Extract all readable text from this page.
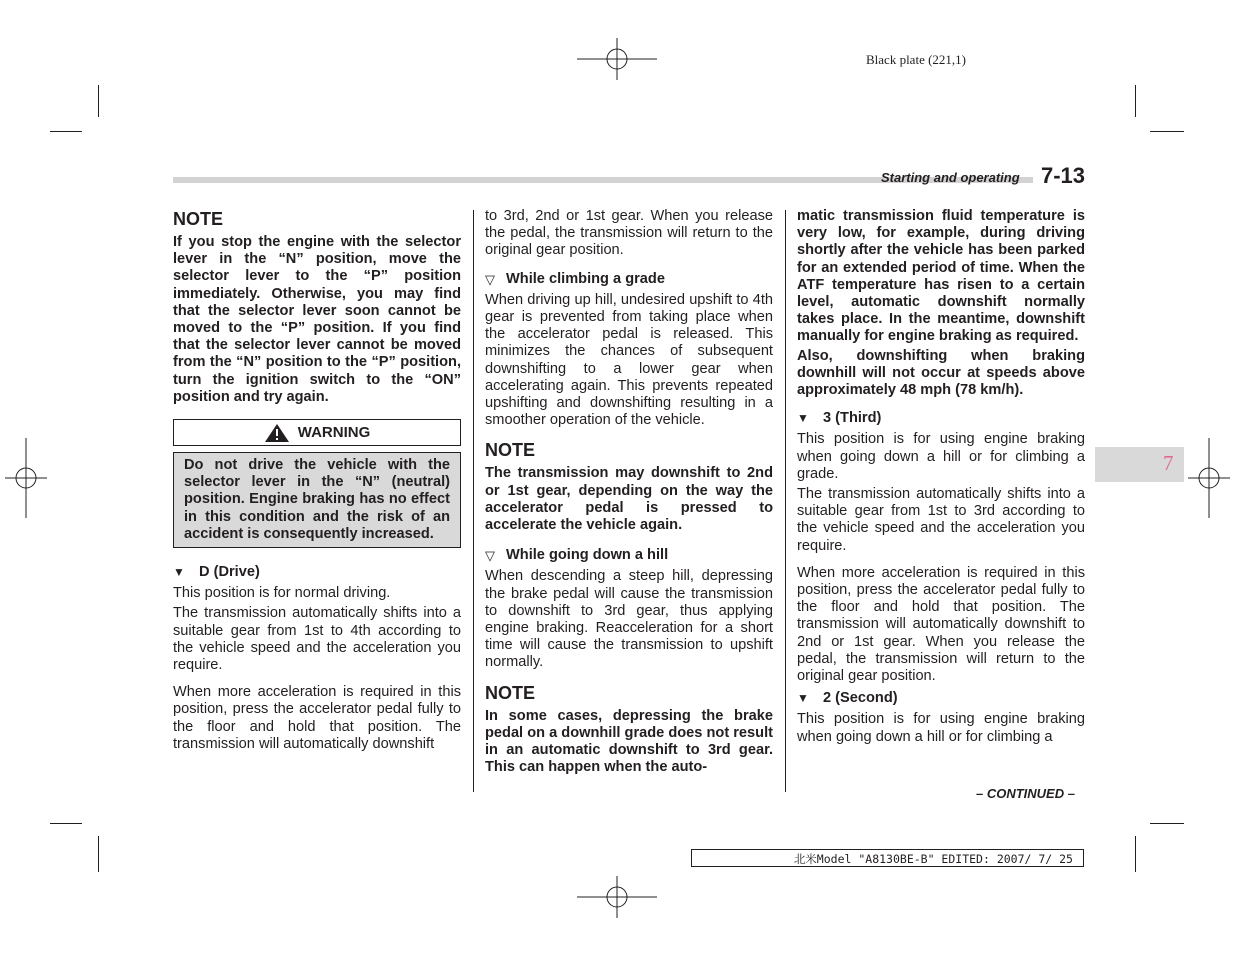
Black plate (221,1)
Starting and operating 7-13
NOTE

If you stop the engine with the selector lever in the “N” position, move the selector lever to the “P” position immediately. Otherwise, you may find that the selector lever soon cannot be moved to the “P” position. If you find that the selector lever cannot be moved from the “N” position to the “P” position, turn the ignition switch to the “ON” position and try again.

WARNING

Do not drive the vehicle with the selector lever in the “N” (neutral) position. Engine braking has no effect in this condition and the risk of an accident is consequently increased.

▼ D (Drive)

This position is for normal driving.

The transmission automatically shifts into a suitable gear from 1st to 4th according to the vehicle speed and the acceleration you require.

When more acceleration is required in this position, press the accelerator pedal fully to the floor and hold that position. The transmission will automatically downshift

to 3rd, 2nd or 1st gear. When you release the pedal, the transmission will return to the original gear position.

▽ While climbing a grade

When driving up hill, undesired upshift to 4th gear is prevented from taking place when the accelerator pedal is released. This minimizes the chances of subsequent downshifting to a lower gear when accelerating again. This prevents repeated upshifting and downshifting resulting in a smoother operation of the vehicle.

NOTE

The transmission may downshift to 2nd or 1st gear, depending on the way the accelerator pedal is pressed to accelerate the vehicle again.

▽ While going down a hill

When descending a steep hill, depressing the brake pedal will cause the transmission to downshift to 3rd gear, thus applying engine braking. Reacceleration for a short time will cause the transmission to upshift normally.

NOTE

In some cases, depressing the brake pedal on a downhill grade does not result in an automatic downshift to 3rd gear. This can happen when the auto-

matic transmission fluid temperature is very low, for example, during driving shortly after the vehicle has been parked for an extended period of time. When the ATF temperature has risen to a certain level, automatic downshift normally takes place. In the meantime, downshift manually for engine braking as required.

Also, downshifting when braking downhill will not occur at speeds above approximately 48 mph (78 km/h).

▼ 3 (Third)

This position is for using engine braking when going down a hill or for climbing a grade.

The transmission automatically shifts into a suitable gear from 1st to 3rd according to the vehicle speed and the acceleration you require.

When more acceleration is required in this position, press the accelerator pedal fully to the floor and hold that position. The transmission will automatically downshift to 2nd or 1st gear. When you release the pedal, the transmission will return to the original gear position.

▼ 2 (Second)

This position is for using engine braking when going down a hill or for climbing a

7
– CONTINUED –
北米Model "A8130BE-B" EDITED: 2007/ 7/ 25
